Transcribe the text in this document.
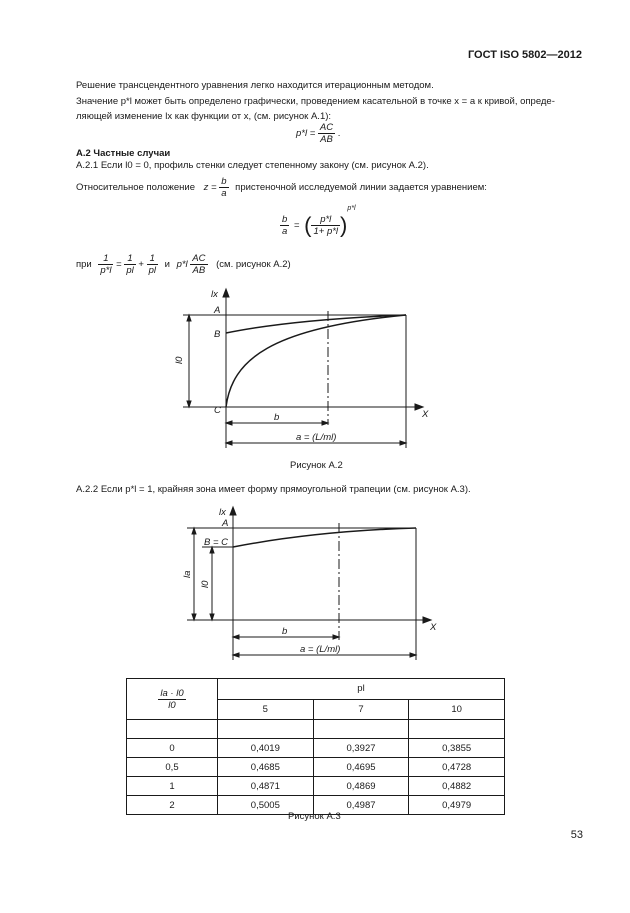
ГОСТ ISO 5802—2012
Решение трансцендентного уравнения легко находится итерационным методом.
Значение p*l может быть определено графически, проведением касательной в точке x = a к кривой, опреде-
ляющей изменение lx как функции от x, (см. рисунок А.1):
$p*l = \frac{AC}{AB}$ .
А.2 Частные случаи
А.2.1 Если l0 = 0, профиль стенки следует степенному закону (см. рисунок А.2).
Относительное положение $z = \frac{b}{a}$ пристеночной исследуемой линии задается уравнением:
$\frac{b}{a}$ = ( $\frac{p*l}{1+ p*l} )^{p*l}$
при $\frac{1}{p*l} = \frac{1}{pl} + \frac{1}{pl}$ и $p*l \frac{AC}{AB} (см$. рисунок А.2)
lx
A
B
C	X
b
a = (L/ml)
l0
Рисунок А.2
lx
A
B = C
X
b
a = (L/ml)
la
l0
А.2.2 Если p*l = 1, крайняя зона имеет форму прямоугольной трапеции (см. рисунок А.3).
$\frac{la \cdot l0}{l0}$	pl		
	5	7	10

0	0,4019	0,3927	0,3855
0,5	0,4685	0,4695	0,4728
1	0,4871	0,4869	0,4882
2	0,5005	0,4987	0,4979
Рисунок А.3
53
